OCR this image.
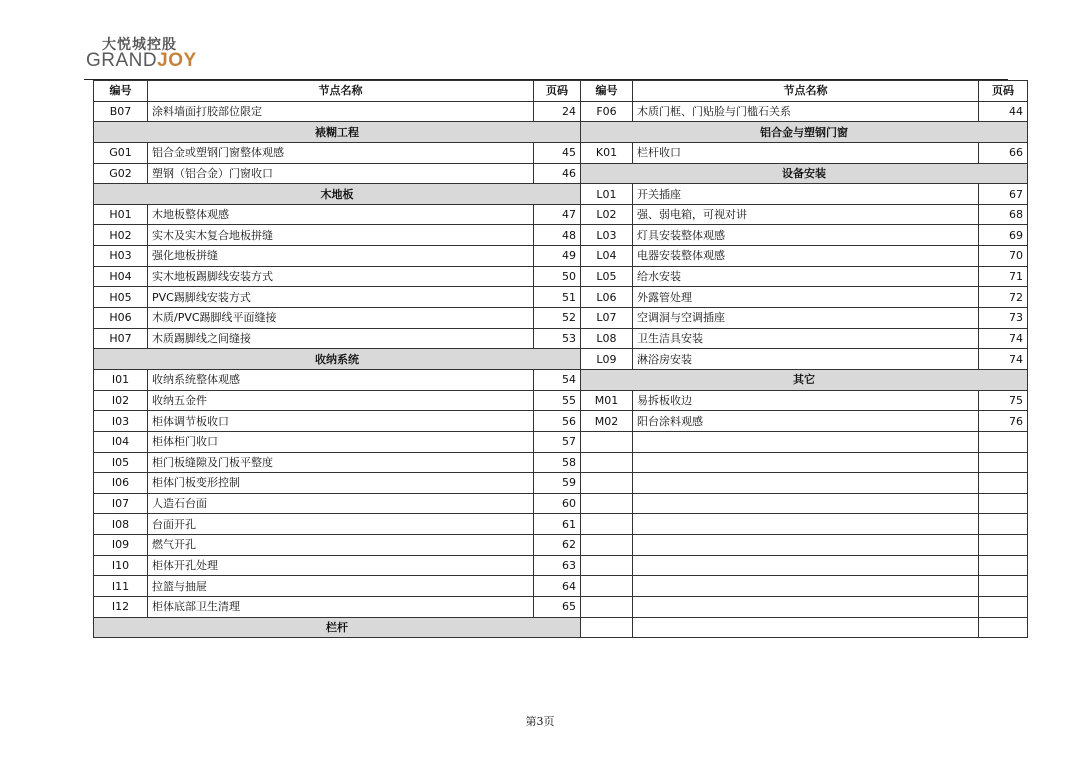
大悦城控股
GRANDJOY
编号	节点名称	页码	编号	节点名称	页码
B07	涂料墙面打胶部位限定	24	F06	木质门框、门贴脸与门槛石关系	44
裱糊工程			铝合金与塑钢门窗		
G01	铝合金或塑钢门窗整体观感	45	K01	栏杆收口	66
G02	塑钢（铝合金）门窗收口	46	设备安装		
木地板			L01	开关插座	67
H01	木地板整体观感	47	L02	强、弱电箱，可视对讲	68
H02	实木及实木复合地板拼缝	48	L03	灯具安装整体观感	69
H03	强化地板拼缝	49	L04	电器安装整体观感	70
H04	实木地板踢脚线安装方式	50	L05	给水安装	71
H05	PVC踢脚线安装方式	51	L06	外露管处理	72
H06	木质/PVC踢脚线平面缝接	52	L07	空调洞与空调插座	73
H07	木质踢脚线之间缝接	53	L08	卫生洁具安装	74
收纳系统			L09	淋浴房安装	74
I01	收纳系统整体观感	54	其它		
I02	收纳五金件	55	M01	易拆板收边	75
I03	柜体调节板收口	56	M02	阳台涂料观感	76
I04	柜体柜门收口	57			
I05	柜门板缝隙及门板平整度	58			
I06	柜体门板变形控制	59			
I07	人造石台面	60			
I08	台面开孔	61			
I09	燃气开孔	62			
I10	柜体开孔处理	63			
I11	拉篮与抽屉	64			
I12	柜体底部卫生清理	65			
栏杆					
第3页
